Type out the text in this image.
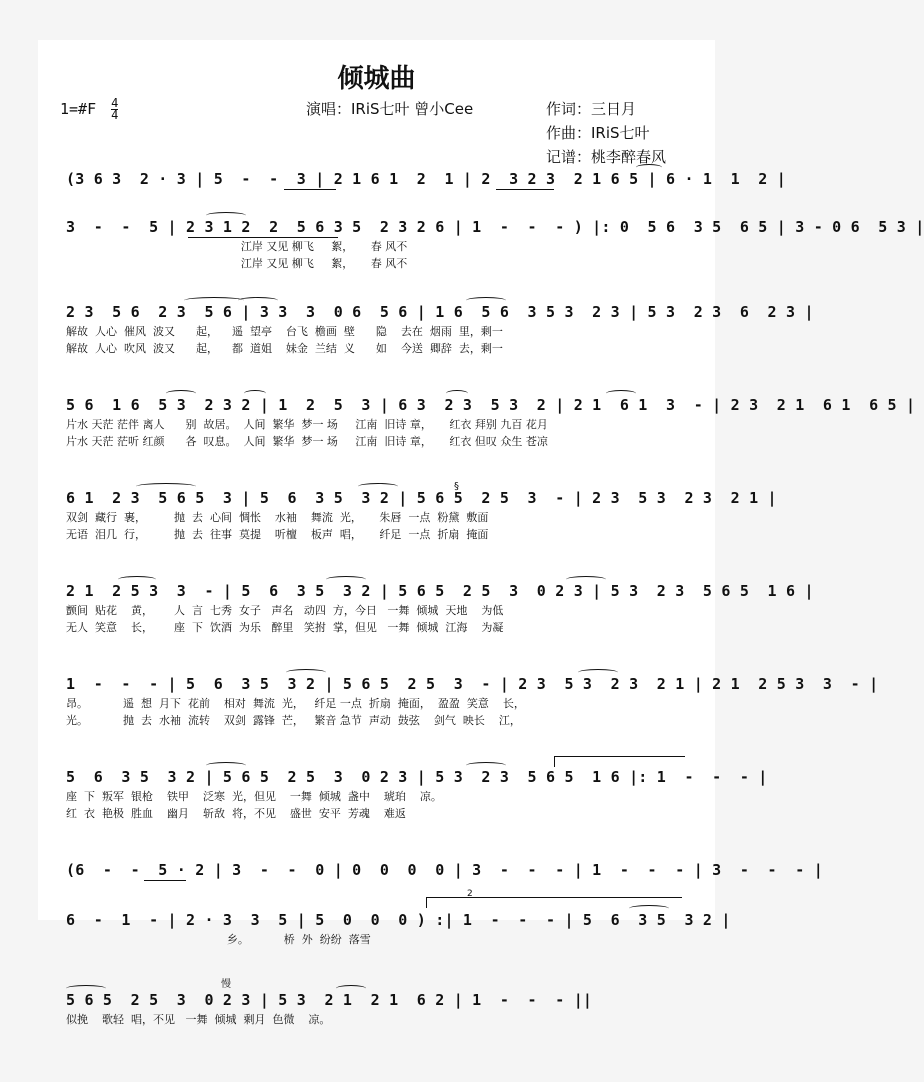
倾城曲
1=#F $\frac{4}{4}$	演唱：IRiS七叶 曾小Cee	作词：三日月
作曲：IRiS七叶
记谱：桃李醉春风
(3 6 3  2 · 3 | 5  -  -  3 | 2 1 6 1  2  1 | 2  3 2 3  2 1 6 5 | 6 · 1  1  2 |
3  -  -  5 | 2 3 1 2  2  5 6 3 5  2 3 2 6 | 1  -  -  - ) |: 0  5 6  3 5  6 5 | 3 - 0 6  5 3 |
江岸 又见 柳飞     絮，     春 风不
江岸 又见 柳飞     絮，     春 风不
2 3  5 6  2 3  5 6 | 3 3  3  0 6  5 6 | 1 6  5 6  3 5 3  2 3 | 5 3  2 3  6  2 3 |
解故  人心  催风  波又      起，    遥  望亭    台飞  檐画  壁      隐    去在  烟雨  里，剩一
解故  人心  吹风  波又      起，    都  道姐    妹金  兰结  义      如    今送  卿辞  去，剩一
5 6  1 6  5 3  2 3 2 | 1  2  5  3 | 6 3  2 3  5 3  2 | 2 1  6 1  3  - | 2 3  2 1  6 1  6 5 |
片水 天茫 茫伴 离人      别  故居。  人间  繁华  梦一 场     江南  旧诗 章，     红衣 拜别 九百 花月
片水 天茫 茫听 红颜      各  叹息。  人间  繁华  梦一 场     江南  旧诗 章，     红衣 但叹 众生 苍凉
6 1  2 3  5 6 5  3 | 5  6  3 5  3 2 | 5 6 5  2 5  3  - | 2 3  5 3  2 3  2 1 |
双剑  藏行  裹，        抛  去  心间  惆怅    水袖    舞流  光，     朱唇  一点  粉黛  敷面
无语  泪几  行，        抛  去  往事  莫提    听檀    板声  唱，     纤足  一点  折扇  掩面
§
2 1  2 5 3  3  - | 5  6  3 5  3 2 | 5 6 5  2 5  3  0 2 3 | 5 3  2 3  5 6 5  1 6 |
颤间  贴花    黄，      人  言  七秀  女子   声名   动四  方，今日   一舞  倾城  天地    为低
无人  笑意    长，      座  下  饮酒  为乐   醉里   笑拊  掌，但见   一舞  倾城  江海    为凝
1  -  -  - | 5  6  3 5  3 2 | 5 6 5  2 5  3  - | 2 3  5 3  2 3  2 1 | 2 1  2 5 3  3  - |
昂。          遥  想  月下  花前    相对  舞流  光，   纤足 一点  折扇  掩面，  盈盈  笑意    长，
光。          抛  去  水袖  流转    双剑  露锋  芒，   繁音 急节  声动  鼓弦    剑气  映长    江，
5  6  3 5  3 2 | 5 6 5  2 5  3  0 2 3 | 5 3  2 3  5 6 5  1 6 |: 1  -  -  - |
座  下  叛军  银枪    铁甲    泛寒  光，但见    一舞  倾城  盏中    琥珀    凉。
红  衣  艳极  胜血    幽月    斩敌  将，不见    盛世  安平  芳魂    难返
(6  -  -  5 · 2 | 3  -  -  0 | 0  0  0  0 | 3  -  -  - | 1  -  -  - | 3  -  -  - |
6  -  1  - | 2 · 3  3  5 | 5  0  0  0 ) :| 1  -  -  - | 5  6  3 5  3 2 |
乡。          桥  外  纷纷  落雪
2
慢
5 6 5  2 5  3  0 2 3 | 5 3  2 1  2 1  6 2 | 1  -  -  - ||
似挽    歌轻  唱，不见   一舞  倾城  剩月  色微    凉。
